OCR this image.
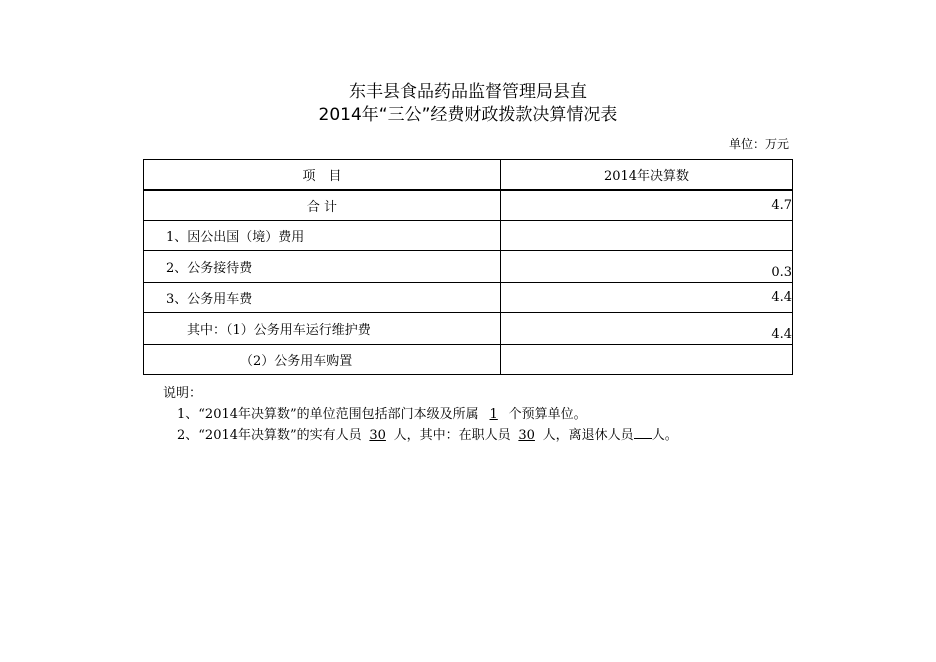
东丰县食品药品监督管理局县直
2014年“三公”经费财政拨款决算情况表
单位：万元
项　目	2014年决算数
合 计	4.7
1、因公出国（境）费用	
2、公务接待费	0.3
3、公务用车费	4.4
其中：（1）公务用车运行维护费	4.4
（2）公务用车购置	
说明：
1、“2014年决算数”的单位范围包括部门本级及所属 1 个预算单位。
2、“2014年决算数”的实有人员 30 人，其中：在职人员 30 人，离退休人员 人。
